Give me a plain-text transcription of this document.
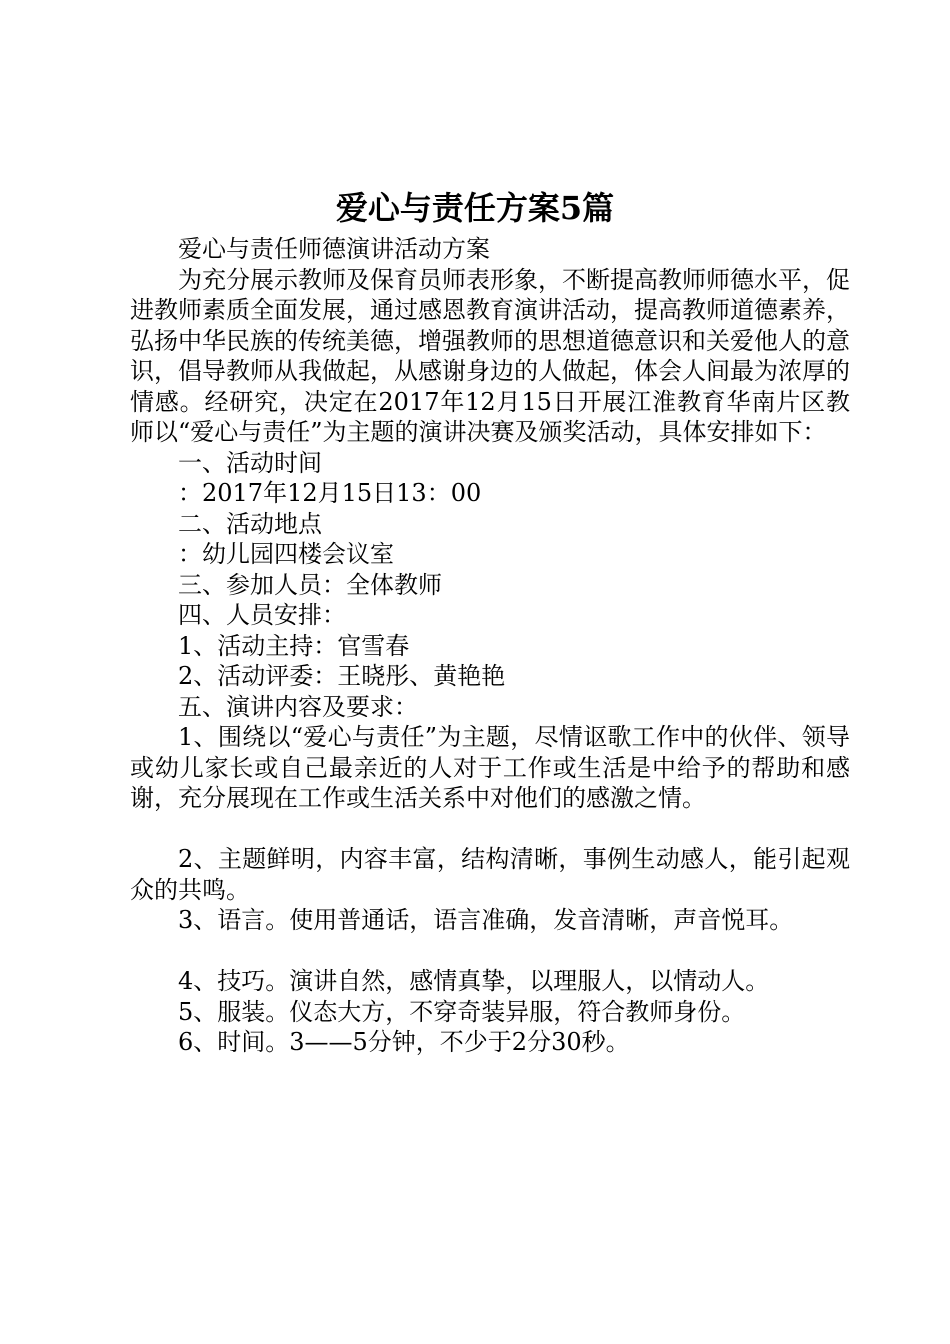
爱心与责任方案5篇

爱心与责任师德演讲活动方案

为充分展示教师及保育员师表形象，不断提高教师师德水平，促进教师素质全面发展，通过感恩教育演讲活动，提高教师道德素养，弘扬中华民族的传统美德，增强教师的思想道德意识和关爱他人的意识，倡导教师从我做起，从感谢身边的人做起，体会人间最为浓厚的情感。经研究，决定在2017年12月15日开展江淮教育华南片区教师以“爱心与责任”为主题的演讲决赛及颁奖活动，具体安排如下：

一、活动时间

：2017年12月15日13：00

二、活动地点

：幼儿园四楼会议室

三、参加人员：全体教师

四、人员安排：

1、活动主持：官雪春

2、活动评委：王晓彤、黄艳艳

五、演讲内容及要求：

1、围绕以“爱心与责任”为主题，尽情讴歌工作中的伙伴、领导或幼儿家长或自己最亲近的人对于工作或生活是中给予的帮助和感谢，充分展现在工作或生活关系中对他们的感激之情。

2、主题鲜明，内容丰富，结构清晰，事例生动感人，能引起观众的共鸣。

3、语言。使用普通话，语言准确，发音清晰，声音悦耳。

4、技巧。演讲自然，感情真挚，以理服人，以情动人。

5、服装。仪态大方，不穿奇装异服，符合教师身份。

6、时间。3——5分钟，不少于2分30秒。
